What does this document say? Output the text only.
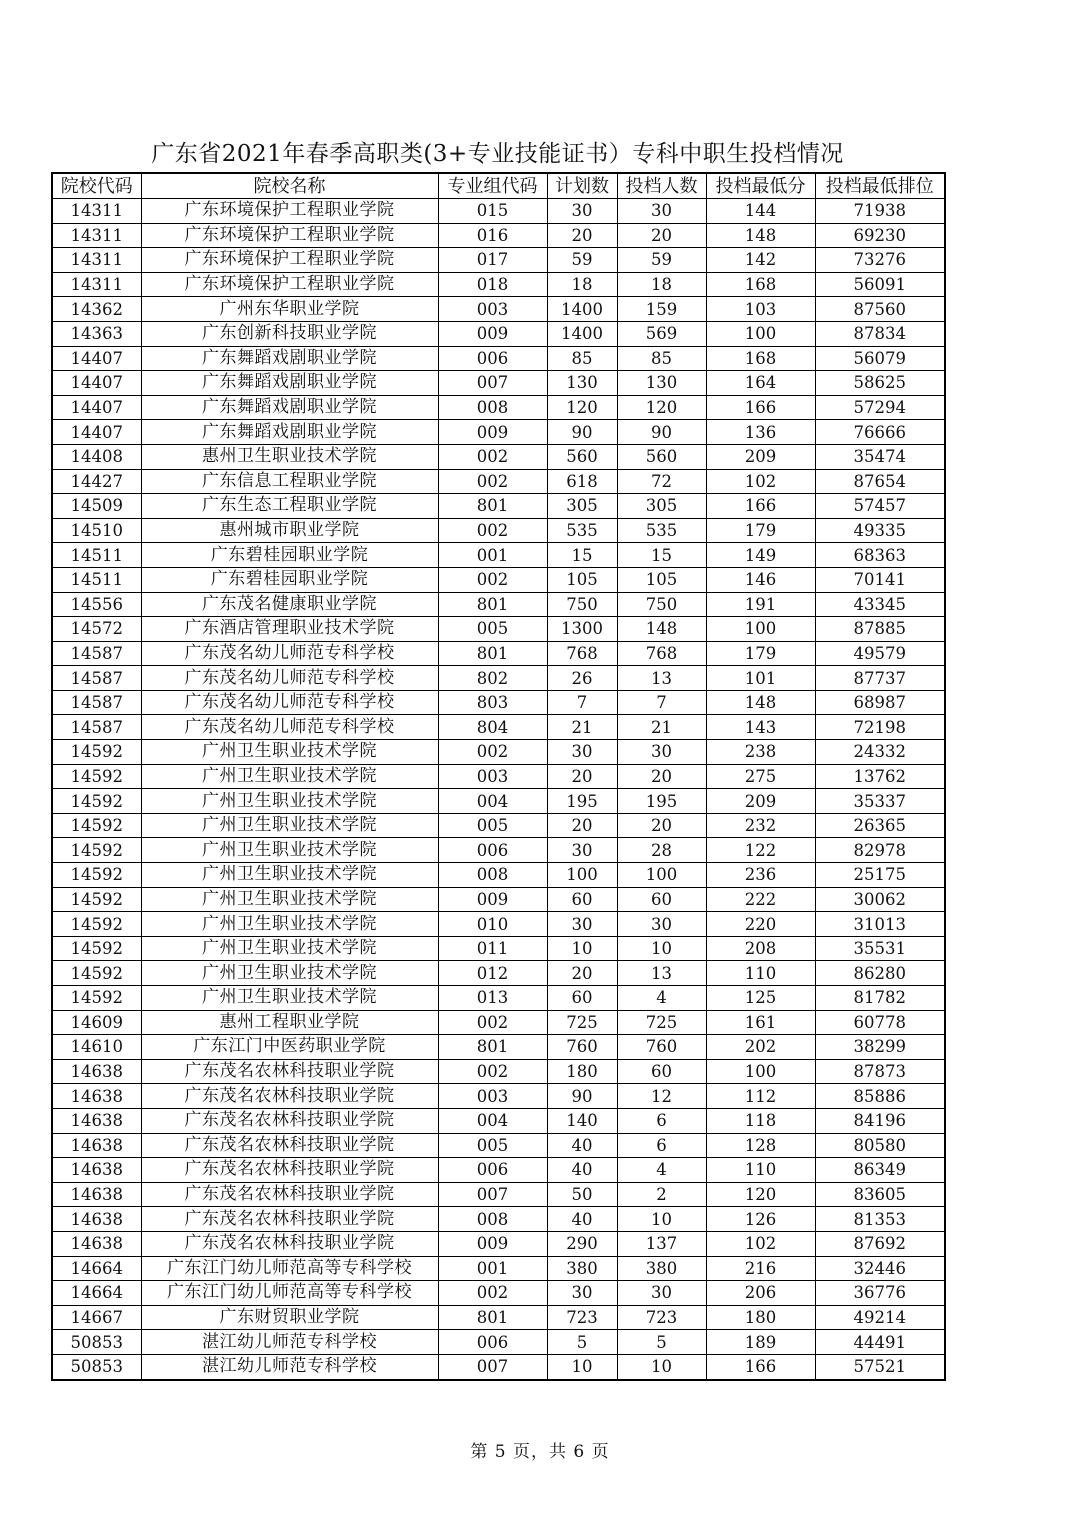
广东省2021年春季高职类(3+专业技能证书）专科中职生投档情况
院校代码	院校名称	专业组代码	计划数	投档人数	投档最低分	投档最低排位
14311	广东环境保护工程职业学院	015	30	30	144	71938
14311	广东环境保护工程职业学院	016	20	20	148	69230
14311	广东环境保护工程职业学院	017	59	59	142	73276
14311	广东环境保护工程职业学院	018	18	18	168	56091
14362	广州东华职业学院	003	1400	159	103	87560
14363	广东创新科技职业学院	009	1400	569	100	87834
14407	广东舞蹈戏剧职业学院	006	85	85	168	56079
14407	广东舞蹈戏剧职业学院	007	130	130	164	58625
14407	广东舞蹈戏剧职业学院	008	120	120	166	57294
14407	广东舞蹈戏剧职业学院	009	90	90	136	76666
14408	惠州卫生职业技术学院	002	560	560	209	35474
14427	广东信息工程职业学院	002	618	72	102	87654
14509	广东生态工程职业学院	801	305	305	166	57457
14510	惠州城市职业学院	002	535	535	179	49335
14511	广东碧桂园职业学院	001	15	15	149	68363
14511	广东碧桂园职业学院	002	105	105	146	70141
14556	广东茂名健康职业学院	801	750	750	191	43345
14572	广东酒店管理职业技术学院	005	1300	148	100	87885
14587	广东茂名幼儿师范专科学校	801	768	768	179	49579
14587	广东茂名幼儿师范专科学校	802	26	13	101	87737
14587	广东茂名幼儿师范专科学校	803	7	7	148	68987
14587	广东茂名幼儿师范专科学校	804	21	21	143	72198
14592	广州卫生职业技术学院	002	30	30	238	24332
14592	广州卫生职业技术学院	003	20	20	275	13762
14592	广州卫生职业技术学院	004	195	195	209	35337
14592	广州卫生职业技术学院	005	20	20	232	26365
14592	广州卫生职业技术学院	006	30	28	122	82978
14592	广州卫生职业技术学院	008	100	100	236	25175
14592	广州卫生职业技术学院	009	60	60	222	30062
14592	广州卫生职业技术学院	010	30	30	220	31013
14592	广州卫生职业技术学院	011	10	10	208	35531
14592	广州卫生职业技术学院	012	20	13	110	86280
14592	广州卫生职业技术学院	013	60	4	125	81782
14609	惠州工程职业学院	002	725	725	161	60778
14610	广东江门中医药职业学院	801	760	760	202	38299
14638	广东茂名农林科技职业学院	002	180	60	100	87873
14638	广东茂名农林科技职业学院	003	90	12	112	85886
14638	广东茂名农林科技职业学院	004	140	6	118	84196
14638	广东茂名农林科技职业学院	005	40	6	128	80580
14638	广东茂名农林科技职业学院	006	40	4	110	86349
14638	广东茂名农林科技职业学院	007	50	2	120	83605
14638	广东茂名农林科技职业学院	008	40	10	126	81353
14638	广东茂名农林科技职业学院	009	290	137	102	87692
14664	广东江门幼儿师范高等专科学校	001	380	380	216	32446
14664	广东江门幼儿师范高等专科学校	002	30	30	206	36776
14667	广东财贸职业学院	801	723	723	180	49214
50853	湛江幼儿师范专科学校	006	5	5	189	44491
50853	湛江幼儿师范专科学校	007	10	10	166	57521
第 5 页，共 6 页
